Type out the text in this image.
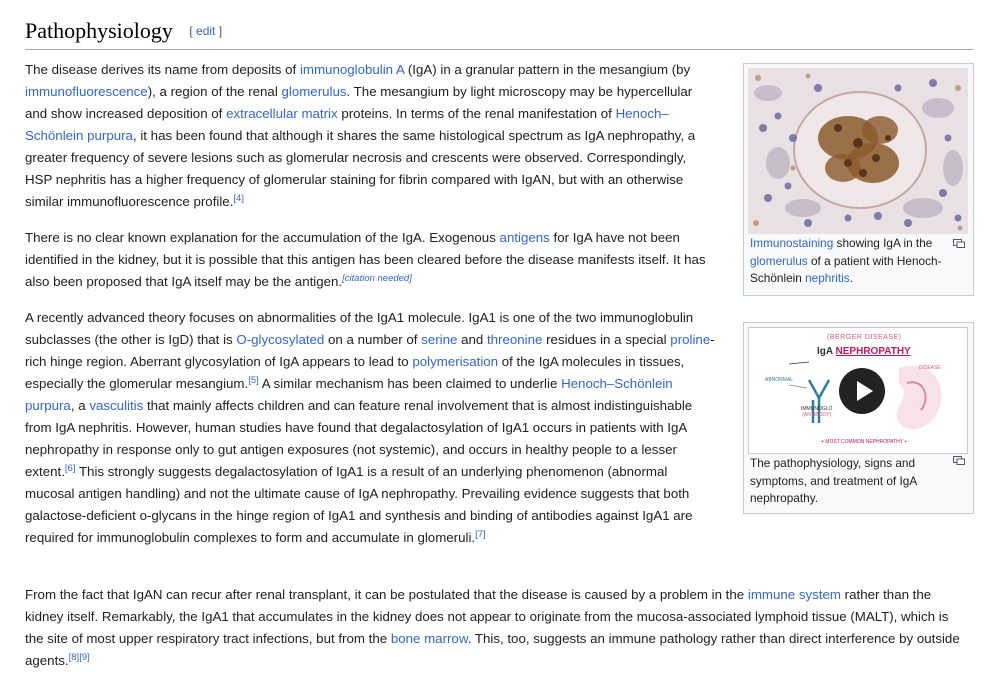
Pathophysiology [ edit ]

The disease derives its name from deposits of immunoglobulin A (IgA) in a granular pattern in the mesangium (by immunofluorescence), a region of the renal glomerulus. The mesangium by light microscopy may be hypercellular and show increased deposition of extracellular matrix proteins. In terms of the renal manifestation of Henoch–Schönlein purpura, it has been found that although it shares the same histological spectrum as IgA nephropathy, a greater frequency of severe lesions such as glomerular necrosis and crescents were observed. Correspondingly, HSP nephritis has a higher frequency of glomerular staining for fibrin compared with IgAN, but with an otherwise similar immunofluorescence profile.[4]

There is no clear known explanation for the accumulation of the IgA. Exogenous antigens for IgA have not been identified in the kidney, but it is possible that this antigen has been cleared before the disease manifests itself. It has also been proposed that IgA itself may be the antigen.[citation needed]

A recently advanced theory focuses on abnormalities of the IgA1 molecule. IgA1 is one of the two immunoglobulin subclasses (the other is IgD) that is O-glycosylated on a number of serine and threonine residues in a special proline-rich hinge region. Aberrant glycosylation of IgA appears to lead to polymerisation of the IgA molecules in tissues, especially the glomerular mesangium.[5] A similar mechanism has been claimed to underlie Henoch–Schönlein purpura, a vasculitis that mainly affects children and can feature renal involvement that is almost indistinguishable from IgA nephritis. However, human studies have found that degalactosylation of IgA1 occurs in patients with IgA nephropathy in response only to gut antigen exposures (not systemic), and occurs in healthy people to a lesser extent.[6] This strongly suggests degalactosylation of IgA1 is a result of an underlying phenomenon (abnormal mucosal antigen handling) and not the ultimate cause of IgA nephropathy. Prevailing evidence suggests that both galactose-deficient o-glycans in the hinge region of IgA1 and synthesis and binding of antibodies against IgA1 are required for immunoglobulin complexes to form and accumulate in glomeruli.[7]

From the fact that IgAN can recur after renal transplant, it can be postulated that the disease is caused by a problem in the immune system rather than the kidney itself. Remarkably, the IgA1 that accumulates in the kidney does not appear to originate from the mucosa-associated lymphoid tissue (MALT), which is the site of most upper respiratory tract infections, but from the bone marrow. This, too, suggests an immune pathology rather than direct interference by outside agents.[8][9]

Immunostaining showing IgA in the glomerulus of a patient with Henoch-Schönlein nephritis.
(BERGER DISEASE)
IgA NEPHROPATHY
DISEASE
ABNORMAL
IMMUNOGLO
(ANTIBODY)
+ MOST COMMON NEPHROPATHY +
The pathophysiology, signs and symptoms, and treatment of IgA nephropathy.
